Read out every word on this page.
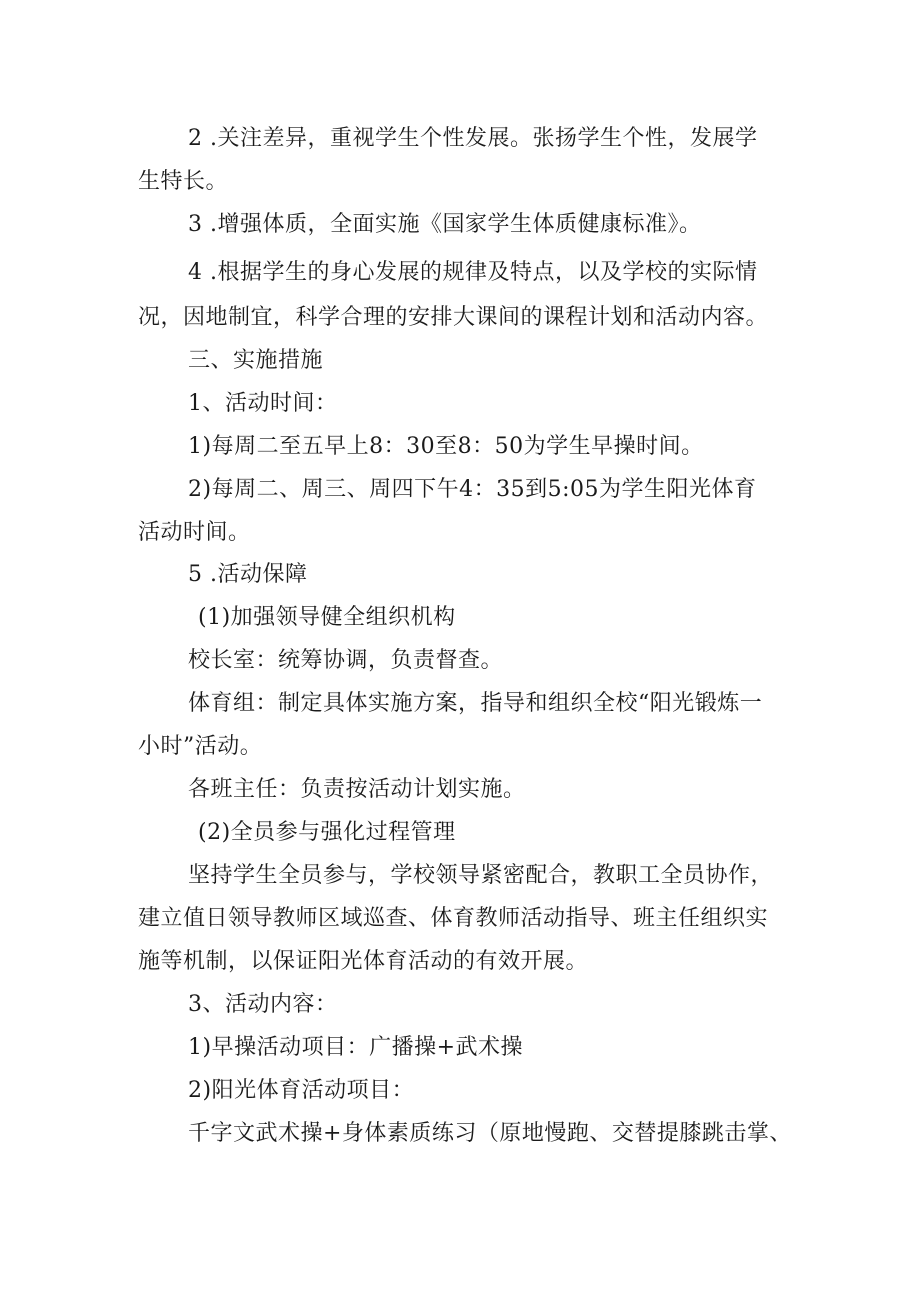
2 .关注差异，重视学生个性发展。张扬学生个性，发展学
生特长。
3 .增强体质，全面实施《国家学生体质健康标准》。
4 .根据学生的身心发展的规律及特点，以及学校的实际情
况，因地制宜，科学合理的安排大课间的课程计划和活动内容。
三、实施措施
1、活动时间：
1)每周二至五早上8：30至8：50为学生早操时间。
2)每周二、周三、周四下午4：35到5:05为学生阳光体育
活动时间。
5 .活动保障
(1)加强领导健全组织机构
校长室：统筹协调，负责督查。
体育组：制定具体实施方案，指导和组织全校“阳光锻炼一
小时”活动。
各班主任：负责按活动计划实施。
(2)全员参与强化过程管理
坚持学生全员参与，学校领导紧密配合，教职工全员协作，
建立值日领导教师区域巡查、体育教师活动指导、班主任组织实
施等机制，以保证阳光体育活动的有效开展。
3、活动内容：
1)早操活动项目：广播操+武术操
2)阳光体育活动项目：
千字文武术操+身体素质练习（原地慢跑、交替提膝跳击掌、
